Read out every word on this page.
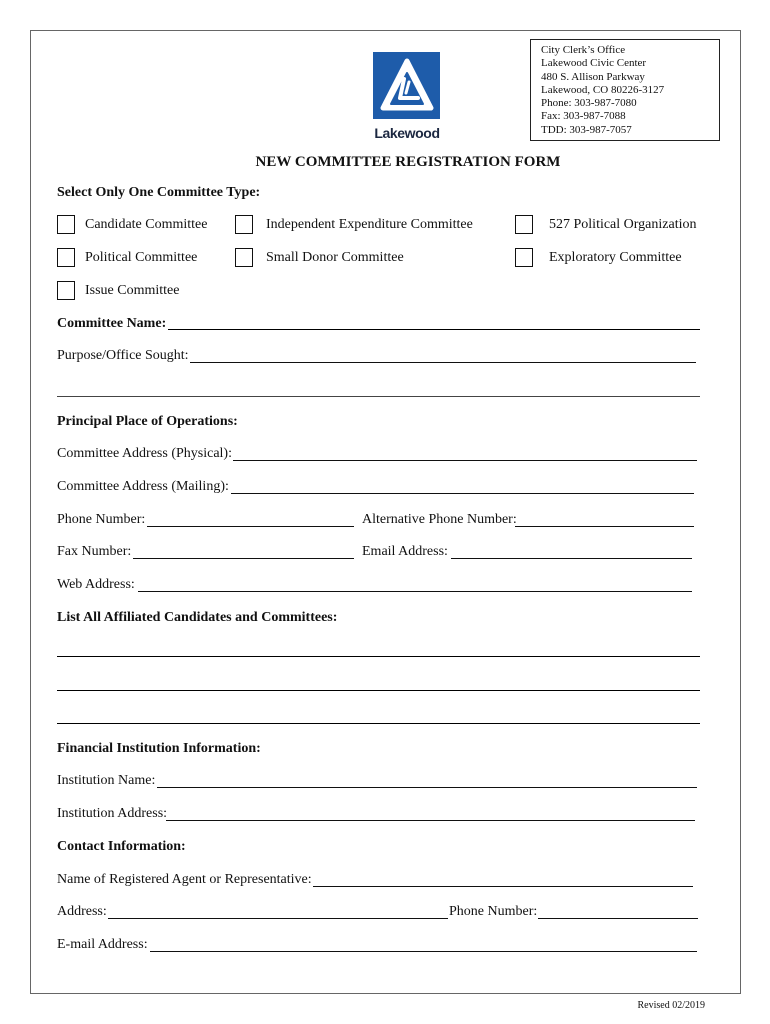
Lakewood
City Clerk’s Office
Lakewood Civic Center
480 S. Allison Parkway
Lakewood, CO 80226-3127
Phone: 303-987-7080
Fax: 303-987-7088
TDD: 303-987-7057
NEW COMMITTEE REGISTRATION FORM
Select Only One Committee Type:
Candidate Committee	Independent Expenditure Committee	527 Political Organization
Political Committee	Small Donor Committee	Exploratory Committee
Issue Committee
Committee Name:
Purpose/Office Sought:
Principal Place of Operations:
Committee Address (Physical):
Committee Address (Mailing):
Phone Number:	Alternative Phone Number:
Fax Number:	Email Address:
Web Address:
List All Affiliated Candidates and Committees:
Financial Institution Information:
Institution Name:
Institution Address:
Contact Information:
Name of Registered Agent or Representative:
Address:	Phone Number:
E-mail Address:
Revised 02/2019
